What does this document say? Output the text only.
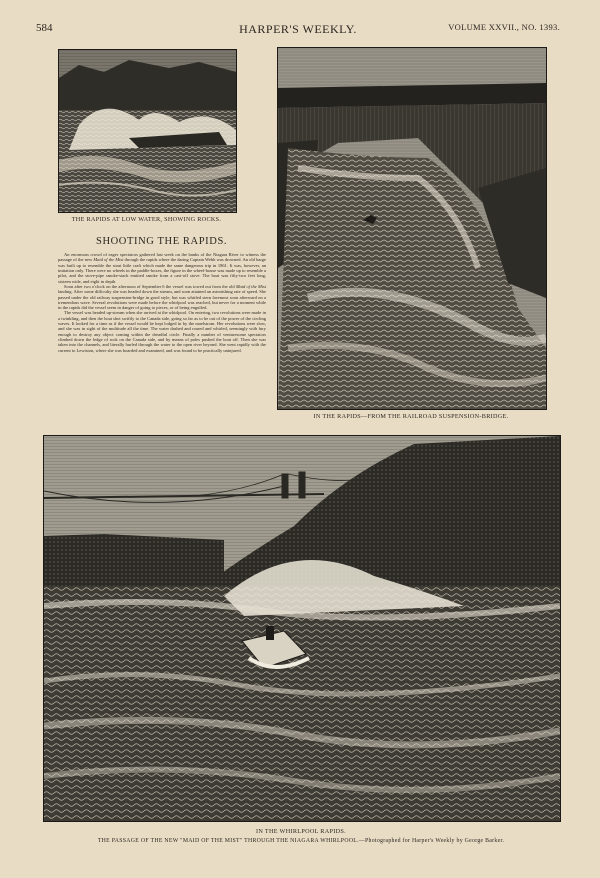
584	HARPER'S WEEKLY.	VOLUME XXVII., NO. 1393.
THE RAPIDS AT LOW WATER, SHOWING ROCKS.
SHOOTING THE RAPIDS.

An enormous crowd of eager spectators gathered last week on the banks of the Niagara River to witness the passage of the new Maid of the Mist through the rapids where the daring Captain Webb was drowned. An old barge was built up to resemble the stout little craft which made the same dangerous trip in 1861. It was, however, an imitation only. There were no wheels in the paddle-boxes, the figure in the wheel-house was made up to resemble a pilot, and the stove-pipe smoke-stack emitted smoke from a cast-off stove. The boat was fifty-two feet long, sixteen wide, and eight in depth.

Soon after two o'clock on the afternoon of September 6 the vessel was towed out from the old Maid of the Mist landing. After some difficulty she was headed down the stream, and soon attained an astonishing rate of speed. She passed under the old railway suspension-bridge in good style, but was whirled stern foremost soon afterward on a tremendous wave. Several revolutions were made before the whirlpool was reached, but never for a moment while in the rapids did the vessel seem in danger of going to pieces, or of being engulfed.

The vessel was headed up-stream when she arrived at the whirlpool. On entering, two revolutions were made in a twinkling, and then the boat shot swiftly to the Canada side, going so far as to be out of the power of the circling waves. It looked for a time as if the vessel would be kept lodged in by the maelstrom. Her revolutions were slow, and she was in sight of the multitude all the time. The water dashed and roared and whirled, seemingly with fury enough to destroy any object coming within the dreadful circle. Finally a number of venturesome spectators climbed down the ledge of rock on the Canada side, and by means of poles pushed the boat off. Then she was taken into the channels, and literally hurled through the water to the open river beyond. She went rapidly with the current to Lewiston, where she was boarded and examined, and was found to be practically uninjured.

IN THE RAPIDS—FROM THE RAILROAD SUSPENSION-BRIDGE.
IN THE WHIRLPOOL RAPIDS.
THE PASSAGE OF THE NEW "MAID OF THE MIST" THROUGH THE NIAGARA WHIRLPOOL.—Photographed for Harper's Weekly by George Barker.
